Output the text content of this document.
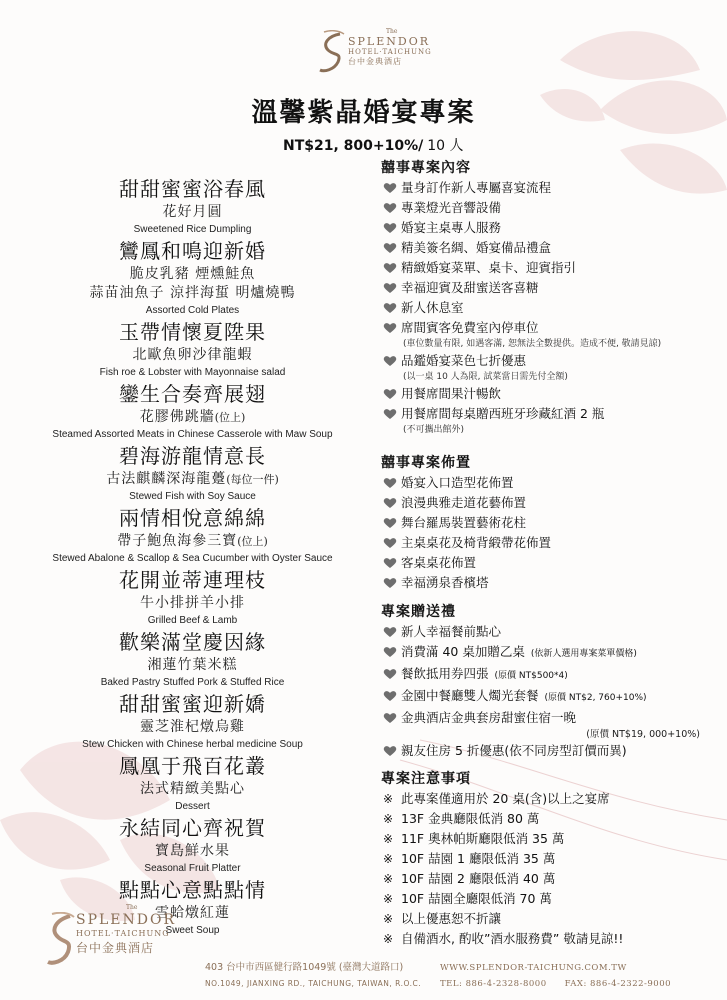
The
SPLENDOR
HOTEL·TAICHUNG
台中金典酒店
溫馨紫晶婚宴專案
NT$21, 800+10%/ 10 人
甜甜蜜蜜浴春風
花好月圓
Sweetened Rice Dumpling
鸞鳳和鳴迎新婚
脆皮乳豬 煙燻鮭魚
蒜苗油魚子 涼拌海蜇 明爐燒鴨
Assorted Cold Plates
玉帶情懷夏陞果
北歐魚卵沙律龍蝦
Fish roe & Lobster with Mayonnaise salad
鑾生合奏齊展翅
花膠佛跳牆(位上)
Steamed Assorted Meats in Chinese Casserole with Maw Soup
碧海游龍情意長
古法麒麟深海龍躉(每位一件)
Stewed Fish with Soy Sauce
兩情相悅意綿綿
帶子鮑魚海參三寶(位上)
Stewed Abalone & Scallop & Sea Cucumber with Oyster Sauce
花開並蒂連理枝
牛小排拼羊小排
Grilled Beef & Lamb
歡樂滿堂慶因緣
湘蓮竹葉米糕
Baked Pastry Stuffed Pork & Stuffed Rice
甜甜蜜蜜迎新嬌
靈芝淮杞燉烏雞
Stew Chicken with Chinese herbal medicine Soup
鳳凰于飛百花叢
法式精緻美點心
Dessert
永結同心齊祝賀
寶島鮮水果
Seasonal Fruit Platter
點點心意點點情
雪蛤燉紅蓮
Sweet Soup
囍事專案內容
量身訂作新人專屬喜宴流程
專業燈光音響設備
婚宴主桌專人服務
精美簽名綢、婚宴備品禮盒
精緻婚宴菜單、桌卡、迎賓指引
幸福迎賓及甜蜜送客喜糖
新人休息室
席間賓客免費室內停車位
(車位數量有限, 如遇客滿, 恕無法全數提供。造成不便, 敬請見諒)
品鑑婚宴菜色七折優惠
(以一桌 10 人為限, 試菜當日需先付全額)
用餐席間果汁暢飲
用餐席間每桌贈西班牙珍藏紅酒 2 瓶
(不可攜出館外)
囍事專案佈置
婚宴入口造型花佈置
浪漫典雅走道花藝佈置
舞台羅馬裝置藝術花柱
主桌桌花及椅背緞帶花佈置
客桌桌花佈置
幸福湧泉香檳塔
專案贈送禮
新人幸福餐前點心
消費滿 40 桌加贈乙桌 (依新人選用專案菜單價格)
餐飲抵用券四張 (原價 NT$500*4)
金園中餐廳雙人燭光套餐 (原價 NT$2, 760+10%)
金典酒店金典套房甜蜜住宿一晚
(原價 NT$19, 000+10%)
親友住房 5 折優惠(依不同房型訂價而異)
專案注意事項
※ 此專案僅適用於 20 桌(含)以上之宴席
※ 13F 金典廳限低消 80 萬
※ 11F 奧林帕斯廳限低消 35 萬
※ 10F 喆園 1 廳限低消 35 萬
※ 10F 喆園 2 廳限低消 40 萬
※ 10F 喆園全廳限低消 70 萬
※ 以上優惠恕不折讓
※ 自備酒水, 酌收”酒水服務費” 敬請見諒!!
The
SPLENDOR
HOTEL·TAICHUNG
台中金典酒店
403 台中市西區健行路1049號 (臺灣大道路口)
NO.1049, JIANXING RD., TAICHUNG, TAIWAN, R.O.C.
WWW.SPLENDOR-TAICHUNG.COM.TW
TEL: 886-4-2328-8000 FAX: 886-4-2322-9000
